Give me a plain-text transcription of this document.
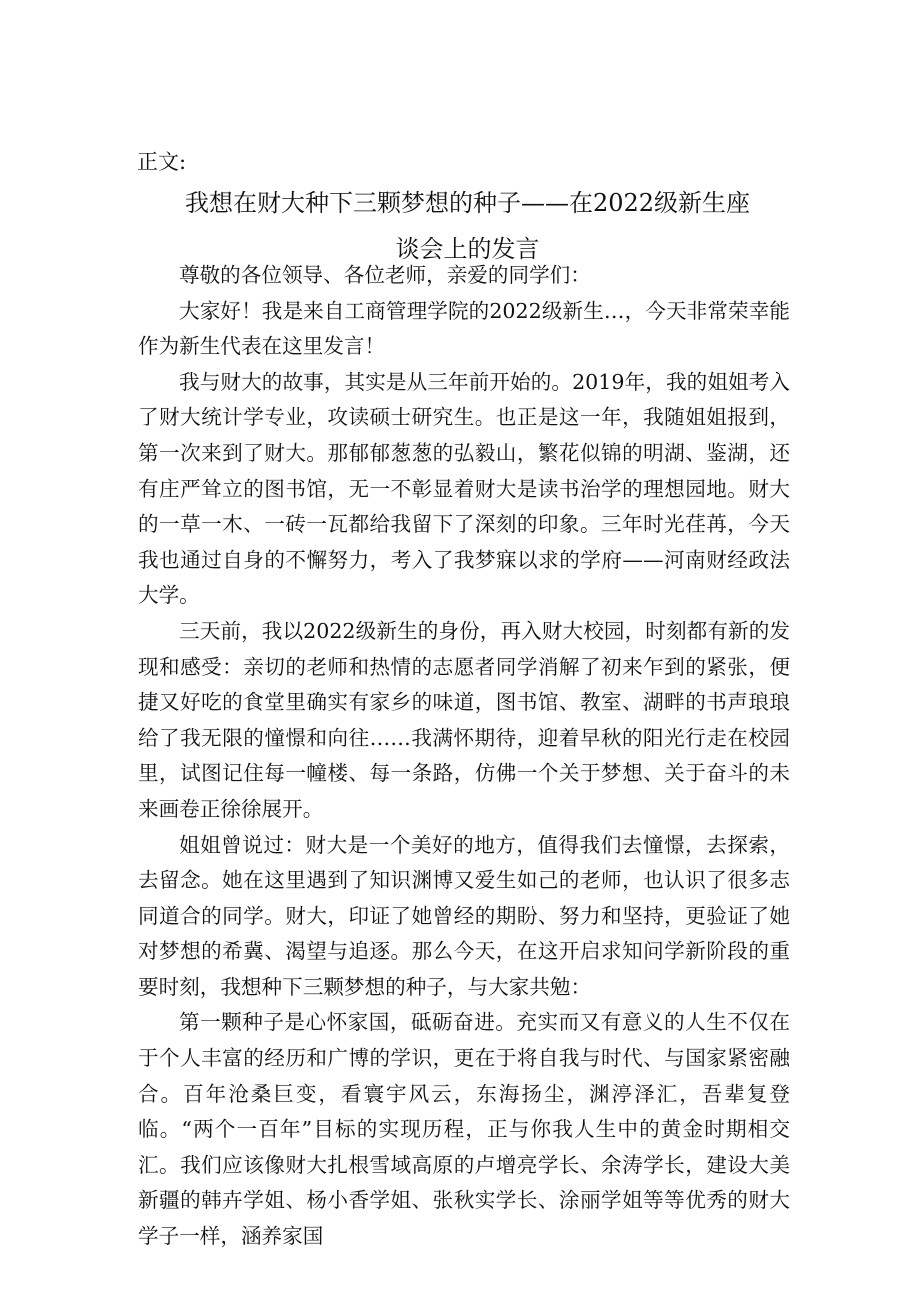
正文:
我想在财大种下三颗梦想的种子——在2022级新生座
谈会上的发言

尊敬的各位领导、各位老师，亲爱的同学们：

大家好！我是来自工商管理学院的2022级新生…，今天非常荣幸能作为新生代表在这里发言！

我与财大的故事，其实是从三年前开始的。2019年，我的姐姐考入了财大统计学专业，攻读硕士研究生。也正是这一年，我随姐姐报到，第一次来到了财大。那郁郁葱葱的弘毅山，繁花似锦的明湖、鉴湖，还有庄严耸立的图书馆，无一不彰显着财大是读书治学的理想园地。财大的一草一木、一砖一瓦都给我留下了深刻的印象。三年时光荏苒，今天我也通过自身的不懈努力，考入了我梦寐以求的学府——河南财经政法大学。

三天前，我以2022级新生的身份，再入财大校园，时刻都有新的发现和感受：亲切的老师和热情的志愿者同学消解了初来乍到的紧张，便捷又好吃的食堂里确实有家乡的味道，图书馆、教室、湖畔的书声琅琅给了我无限的憧憬和向往……我满怀期待，迎着早秋的阳光行走在校园里，试图记住每一幢楼、每一条路，仿佛一个关于梦想、关于奋斗的未来画卷正徐徐展开。

姐姐曾说过：财大是一个美好的地方，值得我们去憧憬，去探索，去留念。她在这里遇到了知识渊博又爱生如己的老师，也认识了很多志同道合的同学。财大，印证了她曾经的期盼、努力和坚持，更验证了她对梦想的希冀、渴望与追逐。那么今天，在这开启求知问学新阶段的重要时刻，我想种下三颗梦想的种子，与大家共勉：

第一颗种子是心怀家国，砥砺奋进。充实而又有意义的人生不仅在于个人丰富的经历和广博的学识，更在于将自我与时代、与国家紧密融合。百年沧桑巨变，看寰宇风云，东海扬尘，渊渟泽汇，吾辈复登临。“两个一百年”目标的实现历程，正与你我人生中的黄金时期相交汇。我们应该像财大扎根雪域高原的卢增亮学长、余涛学长，建设大美新疆的韩卉学姐、杨小香学姐、张秋实学长、涂丽学姐等等优秀的财大学子一样，涵养家国
